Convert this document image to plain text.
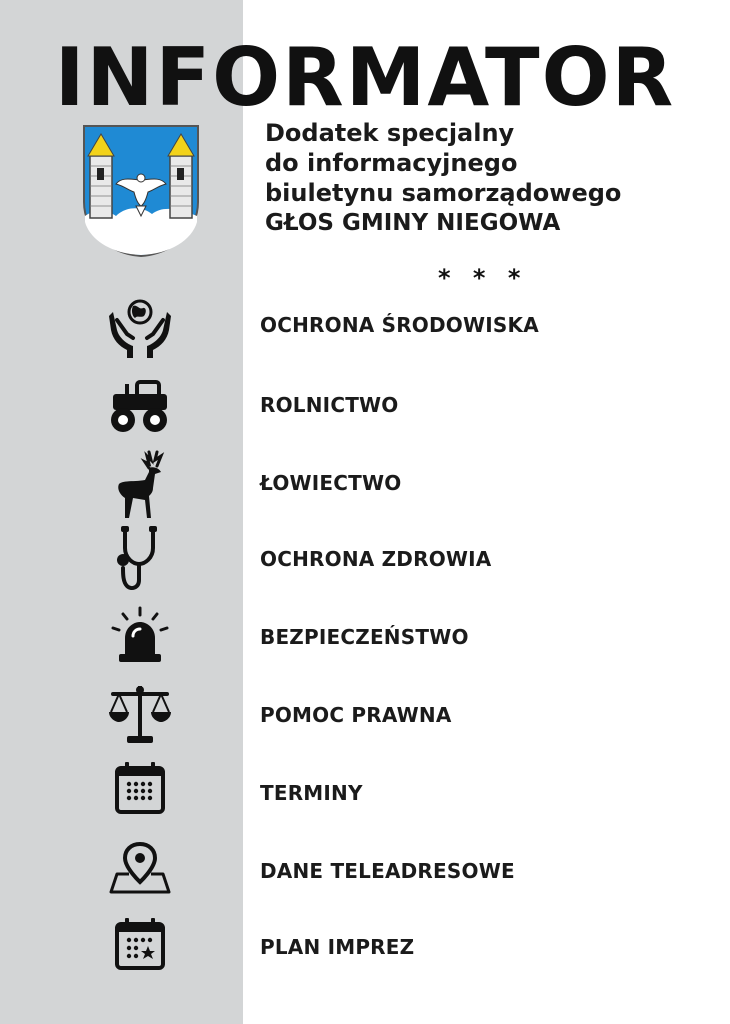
INFORMATOR
Dodatek specjalny
do informacyjnego
biuletynu samorządowego
GŁOS GMINY NIEGOWA
* * *
OCHRONA ŚRODOWISKA
ROLNICTWO
ŁOWIECTWO
OCHRONA ZDROWIA
BEZPIECZEŃSTWO
POMOC PRAWNA
TERMINY
DANE TELEADRESOWE
PLAN IMPREZ
